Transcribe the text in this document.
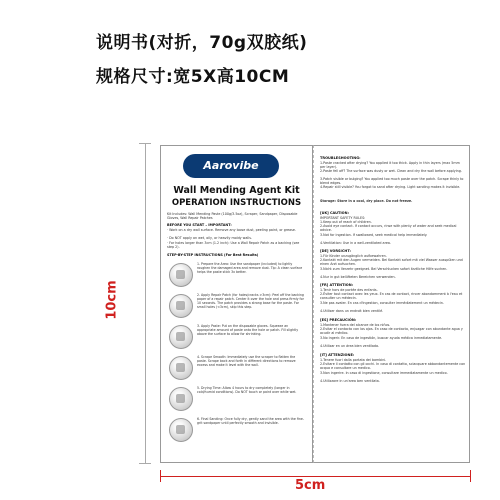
说明书(对折，70g双胶纸)
规格尺寸:宽5X高10CM
10cm
5cm
Aarovibe
Wall Mending Agent Kit
OPERATION INSTRUCTIONS
Kit Includes: Wall Mending Paste (100g/3.5oz), Scraper, Sandpaper, Disposable Gloves, Wall Repair Patches
BEFORE YOU START – IMPORTANT:
· Work on a dry wall surface. Remove any loose dust, peeling paint, or grease.
· Do NOT apply on wet, oily, or heavily moldy walls.
· For holes larger than 3cm (1.2 inch): Use a Wall Repair Patch as a backing (see step 2).
STEP-BY-STEP INSTRUCTIONS (For Best Results)
1. Prepare the Area: Use the sandpaper (included) to lightly roughen the damaged area and remove dust. Tip: A clean surface helps the paste stick 3x better.
2. Apply Repair Patch (for holes/cracks >3cm): Peel off the backing paper of a repair patch. Center it over the hole and press firmly for 10 seconds. The patch provides a strong base for the paste. For small holes (<3cm), skip this step.
3. Apply Paste: Put on the disposable gloves. Squeeze an appropriate amount of paste onto the hole or patch. Fill slightly above the surface to allow for shrinking.
4. Scrape Smooth: Immediately use the scraper to flatten the paste. Scrape back and forth in different directions to remove excess and make it level with the wall.
5. Drying Time: Allow 4 hours to dry completely (longer in cold/humid conditions). Do NOT touch or paint over while wet.
6. Final Sanding: Once fully dry, gently sand the area with the fine-grit sandpaper until perfectly smooth and invisible.
TROUBLESHOOTING:
1.Paste cracked after drying? You applied it too thick. Apply in thin layers (max 5mm per layer).
2.Paste fell off? The surface was dusty or wet. Clean and dry the wall before applying.
3.Patch visible or bulging? You applied too much paste over the patch. Scrape thinly to blend edges.
4.Repair still visible? You forgot to sand after drying. Light sanding makes it invisible.
Storage: Store in a cool, dry place. Do not freeze.
[UK] CAUTION:
IMPORTANT SAFETY RULES:
1.Keep out of reach of children.
2.Avoid eye contact. If contact occurs, rinse with plenty of water and seek medical advice.
3.Not for ingestion. If swallowed, seek medical help immediately.
4.Ventilation: Use in a well-ventilated area.
[DE] VORSICHT:
1.Für Kinder unzugänglich aufbewahren.
2.Kontakt mit den Augen vermeiden. Bei Kontakt sofort mit viel Wasser ausspülen und einen Arzt aufsuchen.
3.Nicht zum Verzehr geeignet. Bei Verschlucken sofort ärztliche Hilfe suchen.
4.Nur in gut belüfteten Bereichen verwenden.
[FR] ATTENTION:
1.Tenir hors de portée des enfants.
2.Éviter tout contact avec les yeux. En cas de contact, rincer abondamment à l'eau et consulter un médecin.
3.Ne pas avaler. En cas d'ingestion, consulter immédiatement un médecin.
4.Utiliser dans un endroit bien ventilé.
[ES] PRECAUCIÓN:
1.Mantener fuera del alcance de los niños.
2.Evitar el contacto con los ojos. En caso de contacto, enjuagar con abundante agua y acudir al médico.
3.No ingerir. En caso de ingestión, buscar ayuda médica inmediatamente.
4.Utilizar en un área bien ventilada.
[IT] ATTENZIONE:
1.Tenere fuori dalla portata dei bambini.
2.Evitare il contatto con gli occhi. In caso di contatto, sciacquare abbondantemente con acqua e consultare un medico.
3.Non ingerire. In caso di ingestione, consultare immediatamente un medico.
4.Utilizzare in un'area ben ventilata.
